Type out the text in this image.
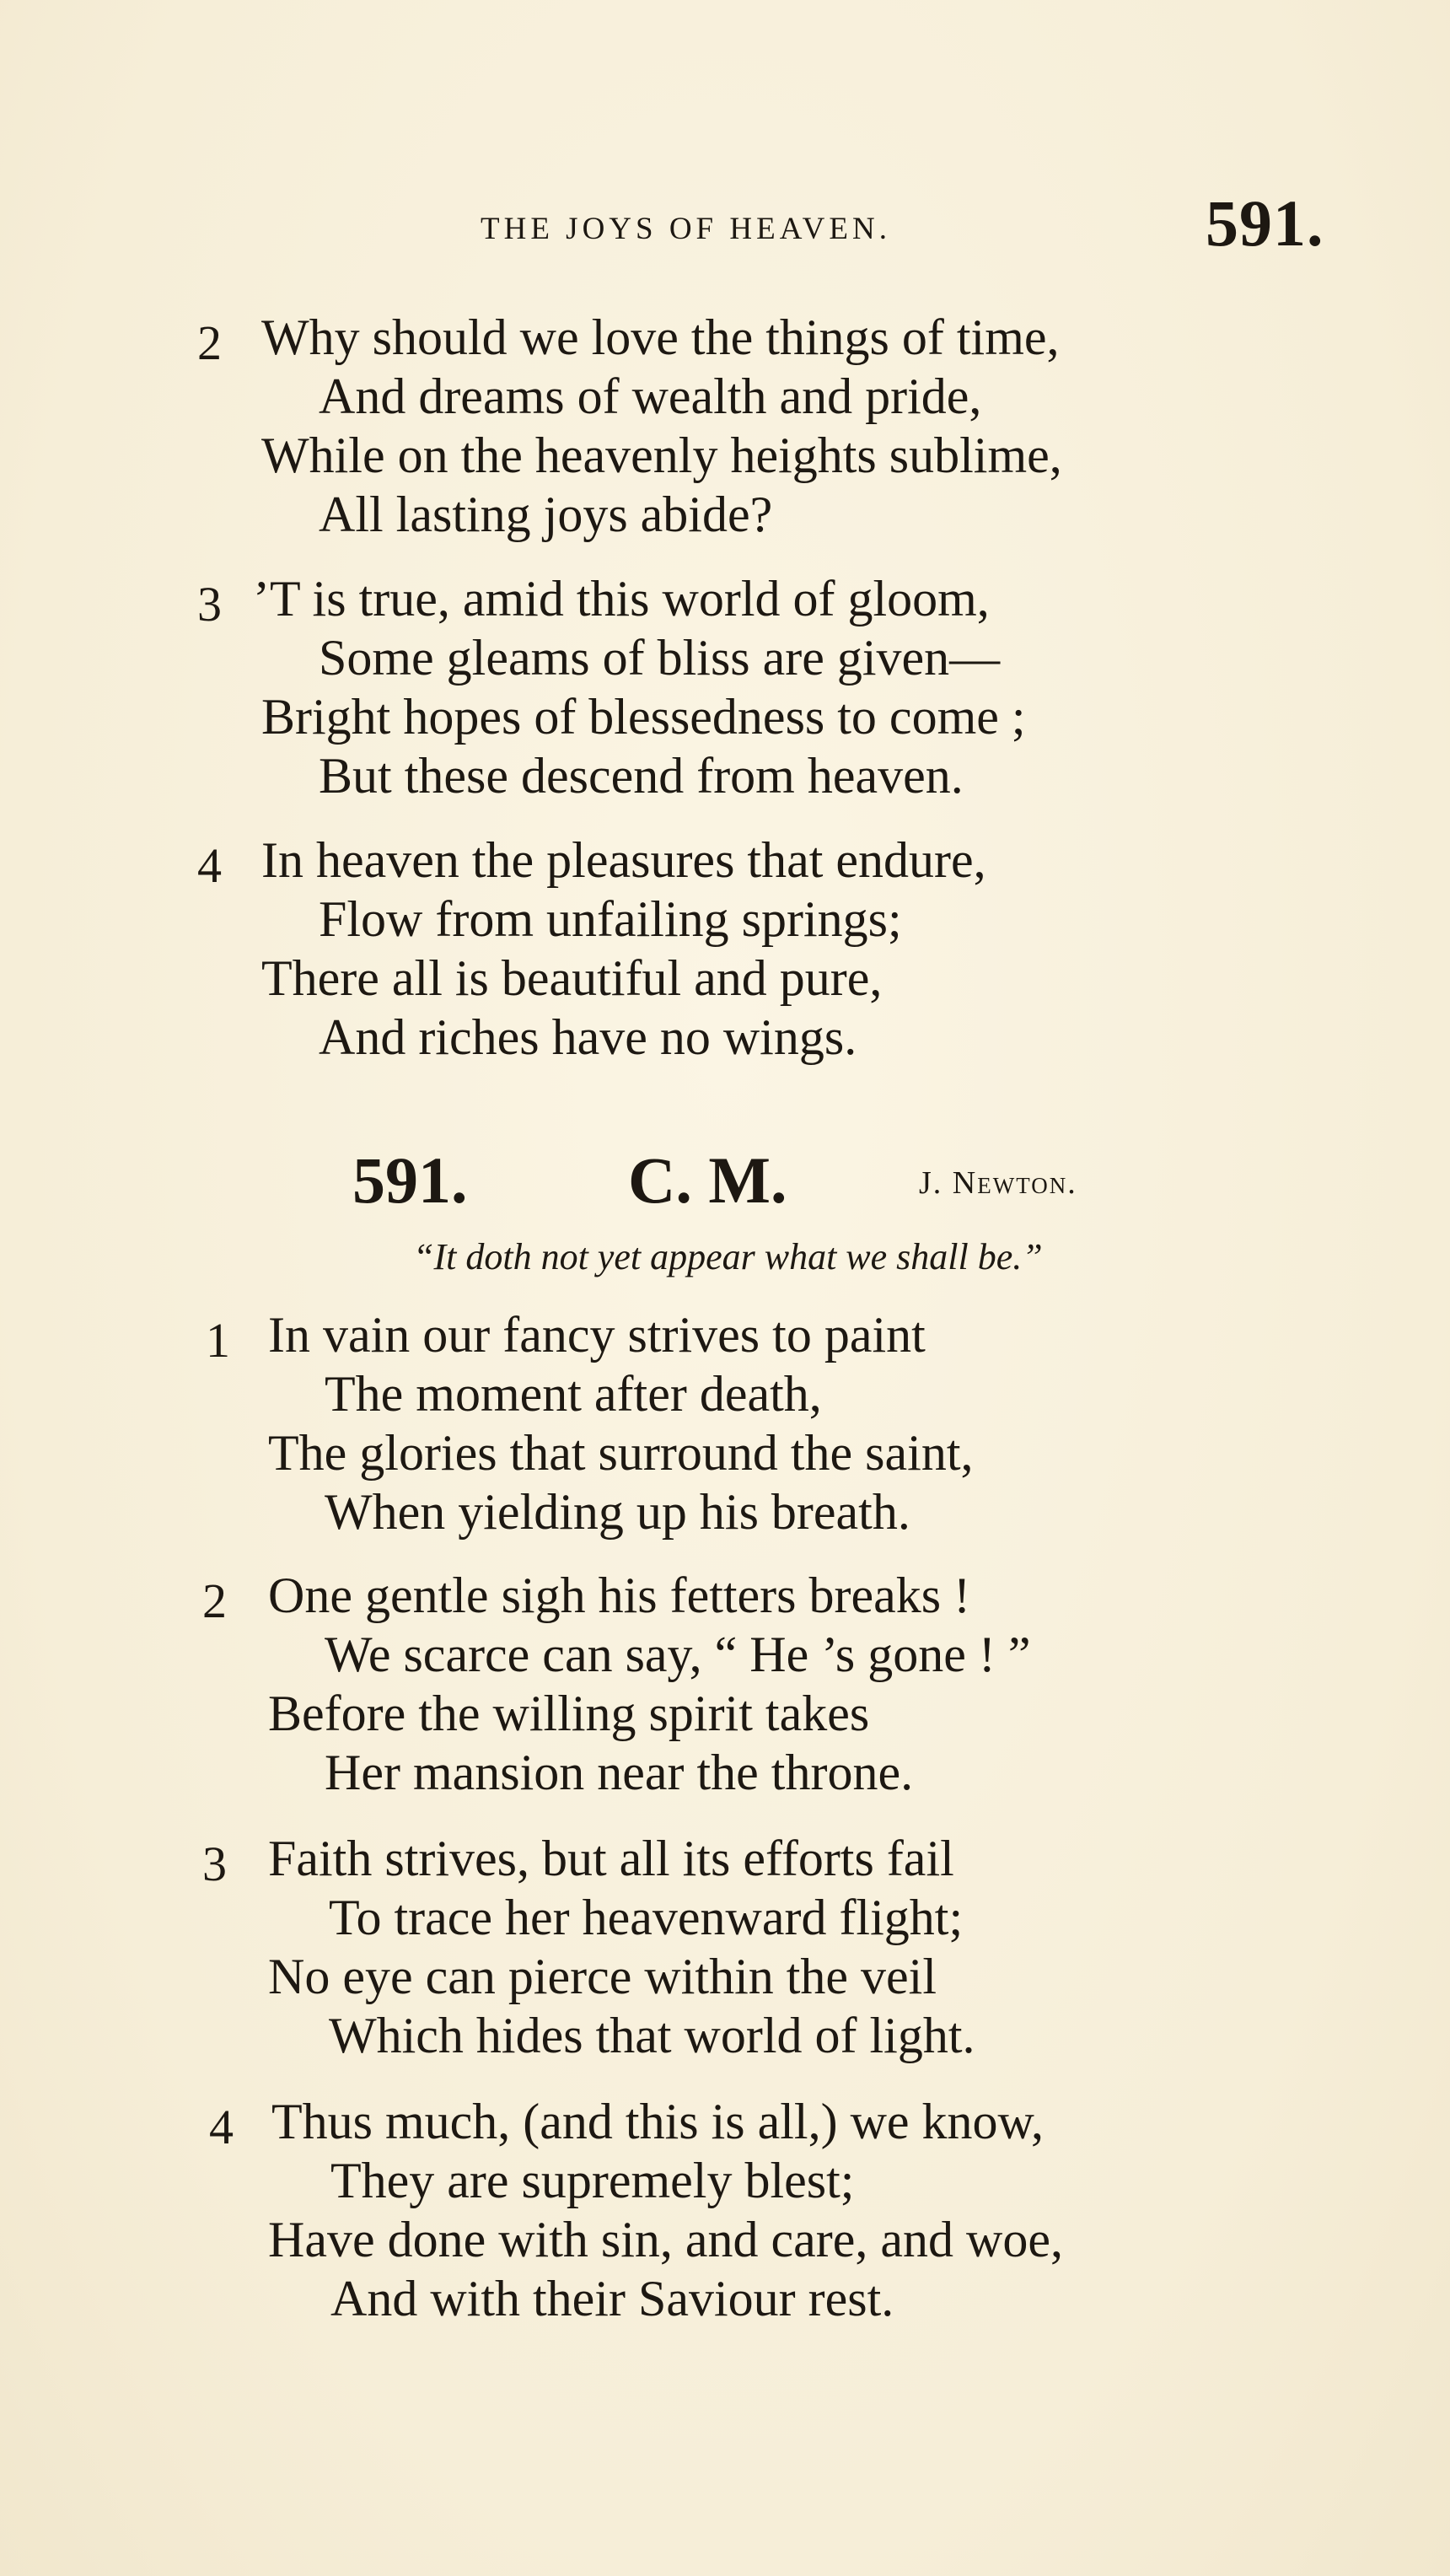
THE JOYS OF HEAVEN.	591.
2 Why should we love the things of time,
And dreams of wealth and pride,
While on the heavenly heights sublime,
All lasting joys abide?
3 ’T is true, amid this world of gloom,
Some gleams of bliss are given—
Bright hopes of blessedness to come ;
But these descend from heaven.
4 In heaven the pleasures that endure,
Flow from unfailing springs;
There all is beautiful and pure,
And riches have no wings.
591. C. M.	J. Newton.
“It doth not yet appear what we shall be.”
1 In vain our fancy strives to paint
The moment after death,
The glories that surround the saint,
When yielding up his breath.
2 One gentle sigh his fetters breaks !
We scarce can say, “ He ’s gone ! ”
Before the willing spirit takes
Her mansion near the throne.
3 Faith strives, but all its efforts fail
To trace her heavenward flight;
No eye can pierce within the veil
Which hides that world of light.
4 Thus much, (and this is all,) we know,
They are supremely blest;
Have done with sin, and care, and woe,
And with their Saviour rest.
